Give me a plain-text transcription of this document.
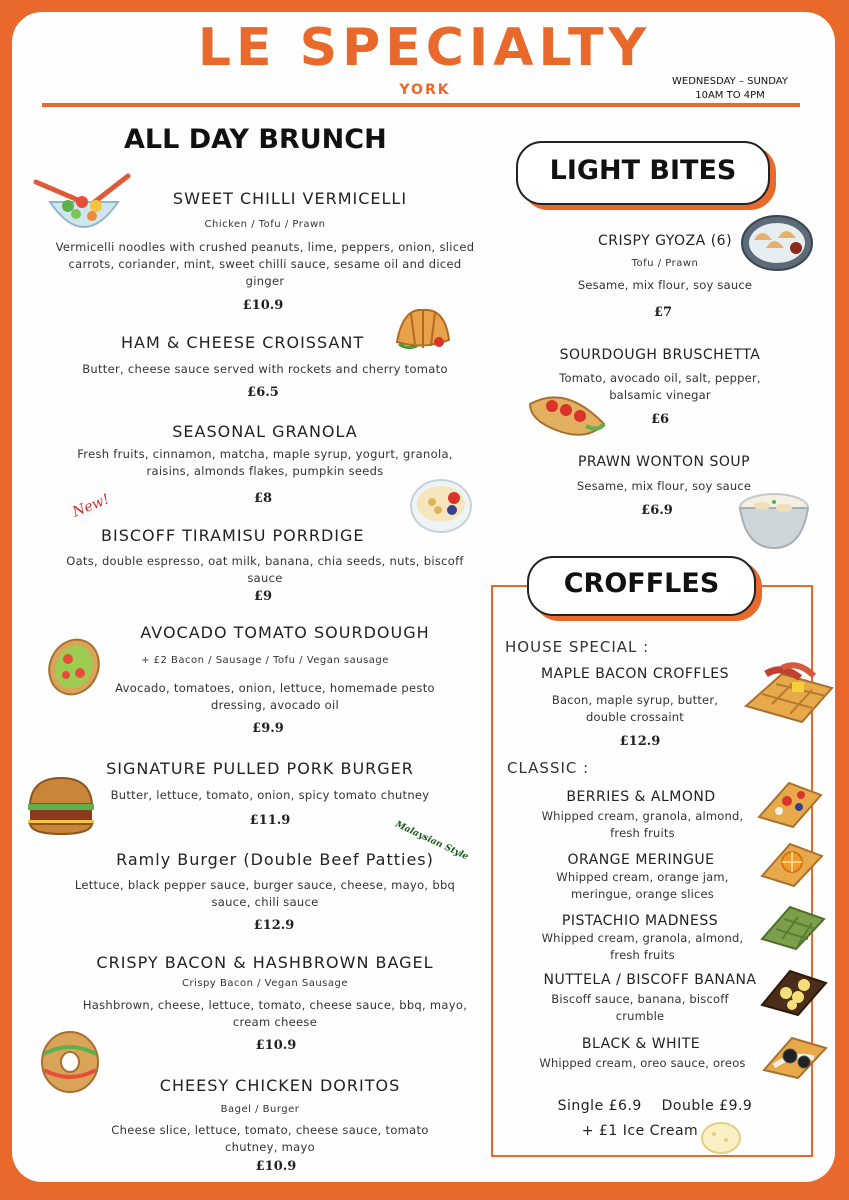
LE SPECIALTY
YORK
WEDNESDAY – SUNDAY
10AM TO 4PM
ALL DAY BRUNCH
SWEET CHILLI VERMICELLI
Chicken / Tofu / Prawn
Vermicelli noodles with crushed peanuts, lime, peppers, onion, sliced carrots, coriander, mint, sweet chilli sauce, sesame oil and diced ginger
£10.9
HAM & CHEESE CROISSANT
Butter, cheese sauce served with rockets and cherry tomato
£6.5
SEASONAL GRANOLA
Fresh fruits, cinnamon, matcha, maple syrup, yogurt, granola, raisins, almonds flakes, pumpkin seeds
£8
New!
BISCOFF TIRAMISU PORRDIGE
Oats, double espresso, oat milk, banana, chia seeds, nuts, biscoff sauce
£9
AVOCADO TOMATO SOURDOUGH
+ £2 Bacon / Sausage / Tofu / Vegan sausage
Avocado, tomatoes, onion, lettuce, homemade pesto dressing, avocado oil
£9.9
SIGNATURE PULLED PORK BURGER
Butter, lettuce, tomato, onion, spicy tomato chutney
£11.9	Malaysian Style
Ramly Burger (Double Beef Patties)
Lettuce, black pepper sauce, burger sauce, cheese, mayo, bbq sauce, chili sauce
£12.9
CRISPY BACON & HASHBROWN BAGEL
Crispy Bacon / Vegan Sausage
Hashbrown, cheese, lettuce, tomato, cheese sauce, bbq, mayo, cream cheese
£10.9
CHEESY CHICKEN DORITOS
Bagel / Burger
Cheese slice, lettuce, tomato, cheese sauce, tomato chutney, mayo
£10.9
LIGHT BITES
CRISPY GYOZA (6)
Tofu / Prawn
Sesame, mix flour, soy sauce
£7
SOURDOUGH BRUSCHETTA
Tomato, avocado oil, salt, pepper, balsamic vinegar
£6
PRAWN WONTON SOUP
Sesame, mix flour, soy sauce
£6.9
CROFFLES
HOUSE SPECIAL :
MAPLE BACON CROFFLES
Bacon, maple syrup, butter, double crossaint
£12.9
CLASSIC :
BERRIES & ALMOND
Whipped cream, granola, almond, fresh fruits
ORANGE MERINGUE
Whipped cream, orange jam, meringue, orange slices
PISTACHIO MADNESS
Whipped cream, granola, almond, fresh fruits
NUTTELA / BISCOFF BANANA
Biscoff sauce, banana, biscoff crumble
BLACK & WHITE
Whipped cream, oreo sauce, oreos
Single £6.9    Double £9.9
+ £1 Ice Cream
